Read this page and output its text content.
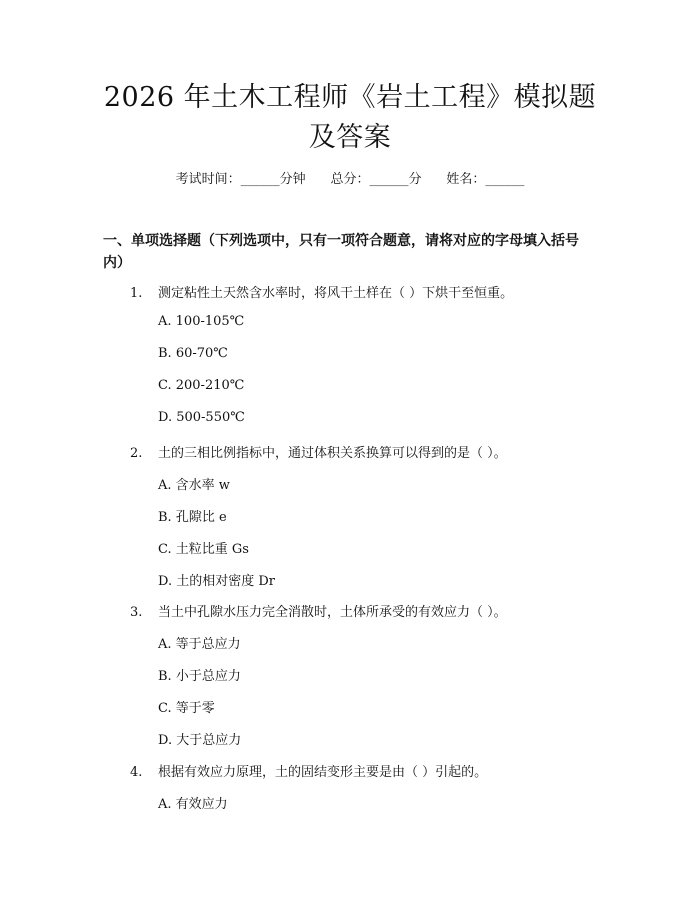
2026 年土木工程师《岩土工程》模拟题及答案
考试时间：______分钟 总分：______分 姓名：______
一、单项选择题（下列选项中，只有一项符合题意，请将对应的字母填入括号内）
1. 测定粘性土天然含水率时，将风干土样在（ ）下烘干至恒重。
A. 100-105℃
B. 60-70℃
C. 200-210℃
D. 500-550℃
2. 土的三相比例指标中，通过体积关系换算可以得到的是（ ）。
A. 含水率 w
B. 孔隙比 e
C. 土粒比重 Gs
D. 土的相对密度 Dr
3. 当土中孔隙水压力完全消散时，土体所承受的有效应力（ ）。
A. 等于总应力
B. 小于总应力
C. 等于零
D. 大于总应力
4. 根据有效应力原理，土的固结变形主要是由（ ）引起的。
A. 有效应力
